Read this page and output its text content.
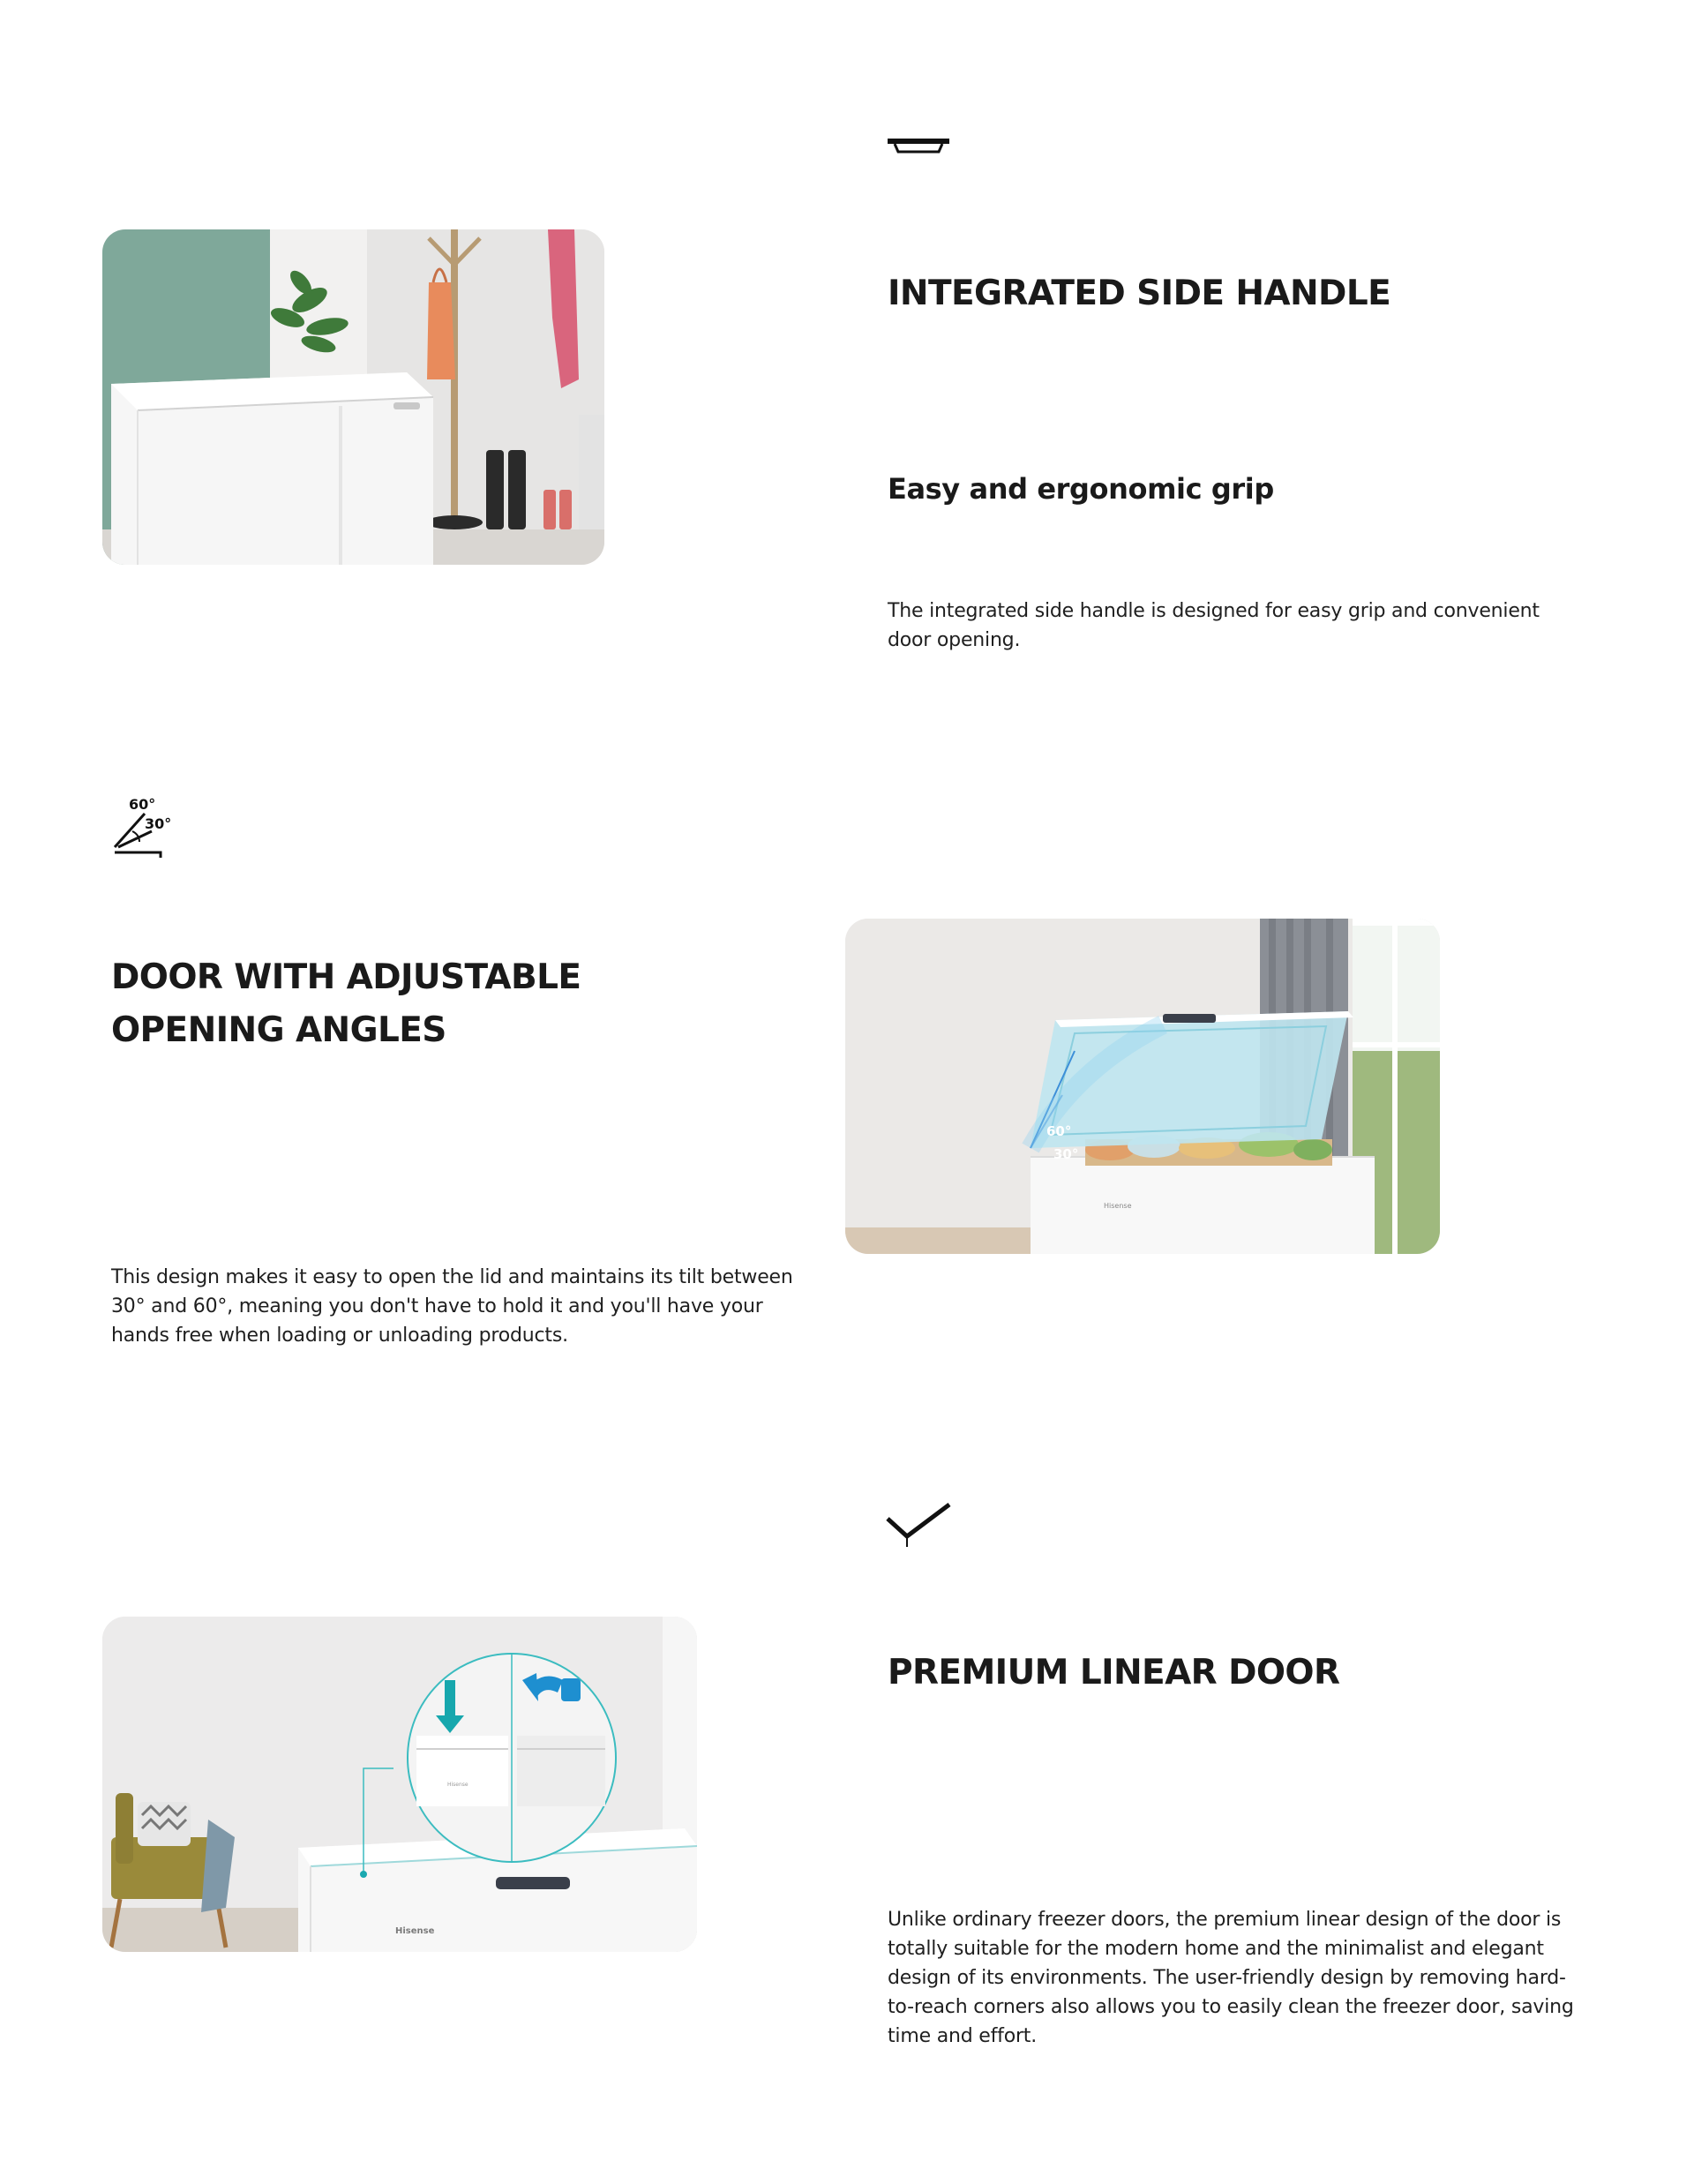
INTEGRATED SIDE HANDLE
Easy and ergonomic grip

The integrated side handle is designed for easy grip and convenient door opening.

60°
30°
DOOR WITH ADJUSTABLE OPENING ANGLES

This design makes it easy to open the lid and maintains its tilt between 30° and 60°, meaning you don't have to hold it and you'll have your hands free when loading or unloading products.

Hisense
60°
30°
PREMIUM LINEAR DOOR

Unlike ordinary freezer doors, the premium linear design of the door is totally suitable for the modern home and the minimalist and elegant design of its environments. The user-friendly design by removing hard-to-reach corners also allows you to easily clean the freezer door, saving time and effort.

Hisense
Hisense
